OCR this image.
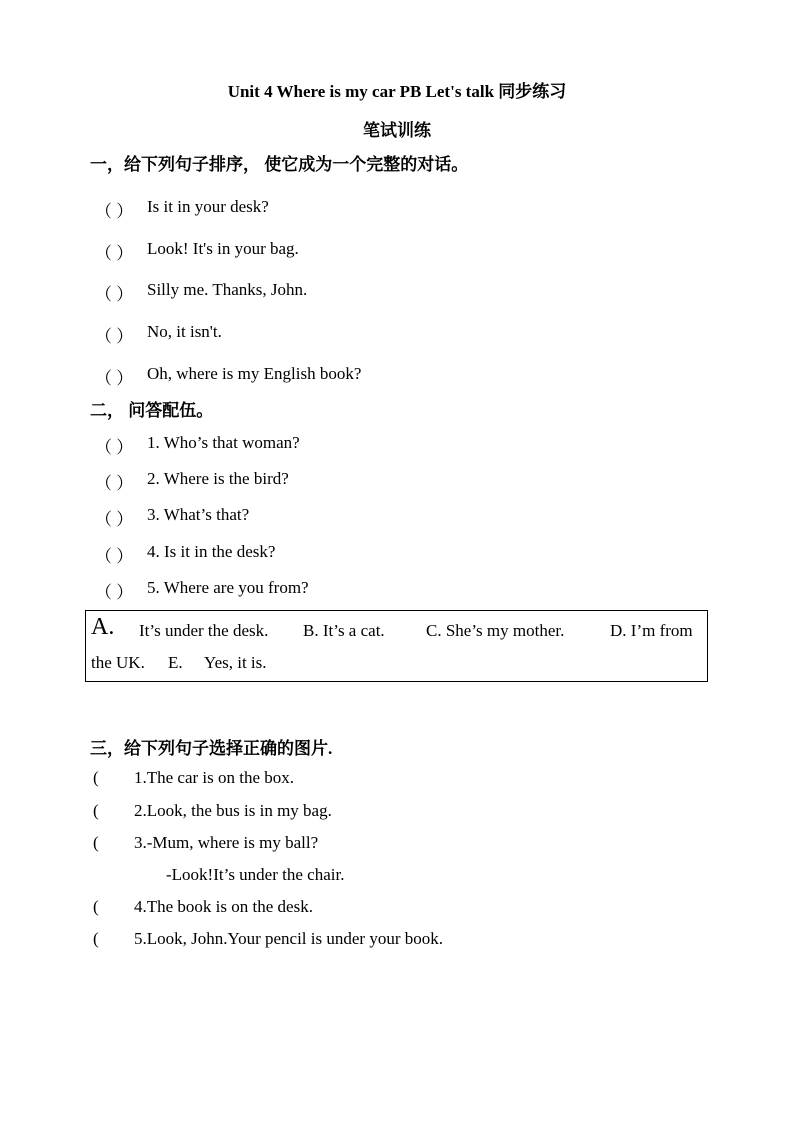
Unit 4 Where is my car PB Let's talk 同步练习
笔试训练
一，给下列句子排序， 使它成为一个完整的对话。
（ ） Is it in your desk?
（ ） Look! It's in your bag.
（ ） Silly me. Thanks, John.
（ ） No, it isn't.
（ ） Oh, where is my English book?
二， 问答配伍。
（ ） 1. Who’s that woman?
（ ） 2. Where is the bird?
（ ） 3. What’s that?
（ ） 4. Is it in the desk?
（ ） 5. Where are you from?
A. It’s under the desk. B. It’s a cat. C. She’s my mother.	D. I’m from
the UK. E. Yes, it is.
三，给下列句子选择正确的图片.
( 1.The car is on the box.
( 2.Look, the bus is in my bag.
( 3.-Mum, where is my ball?
-Look!It’s under the chair.
( 4.The book is on the desk.
( 5.Look, John.Your pencil is under your book.
